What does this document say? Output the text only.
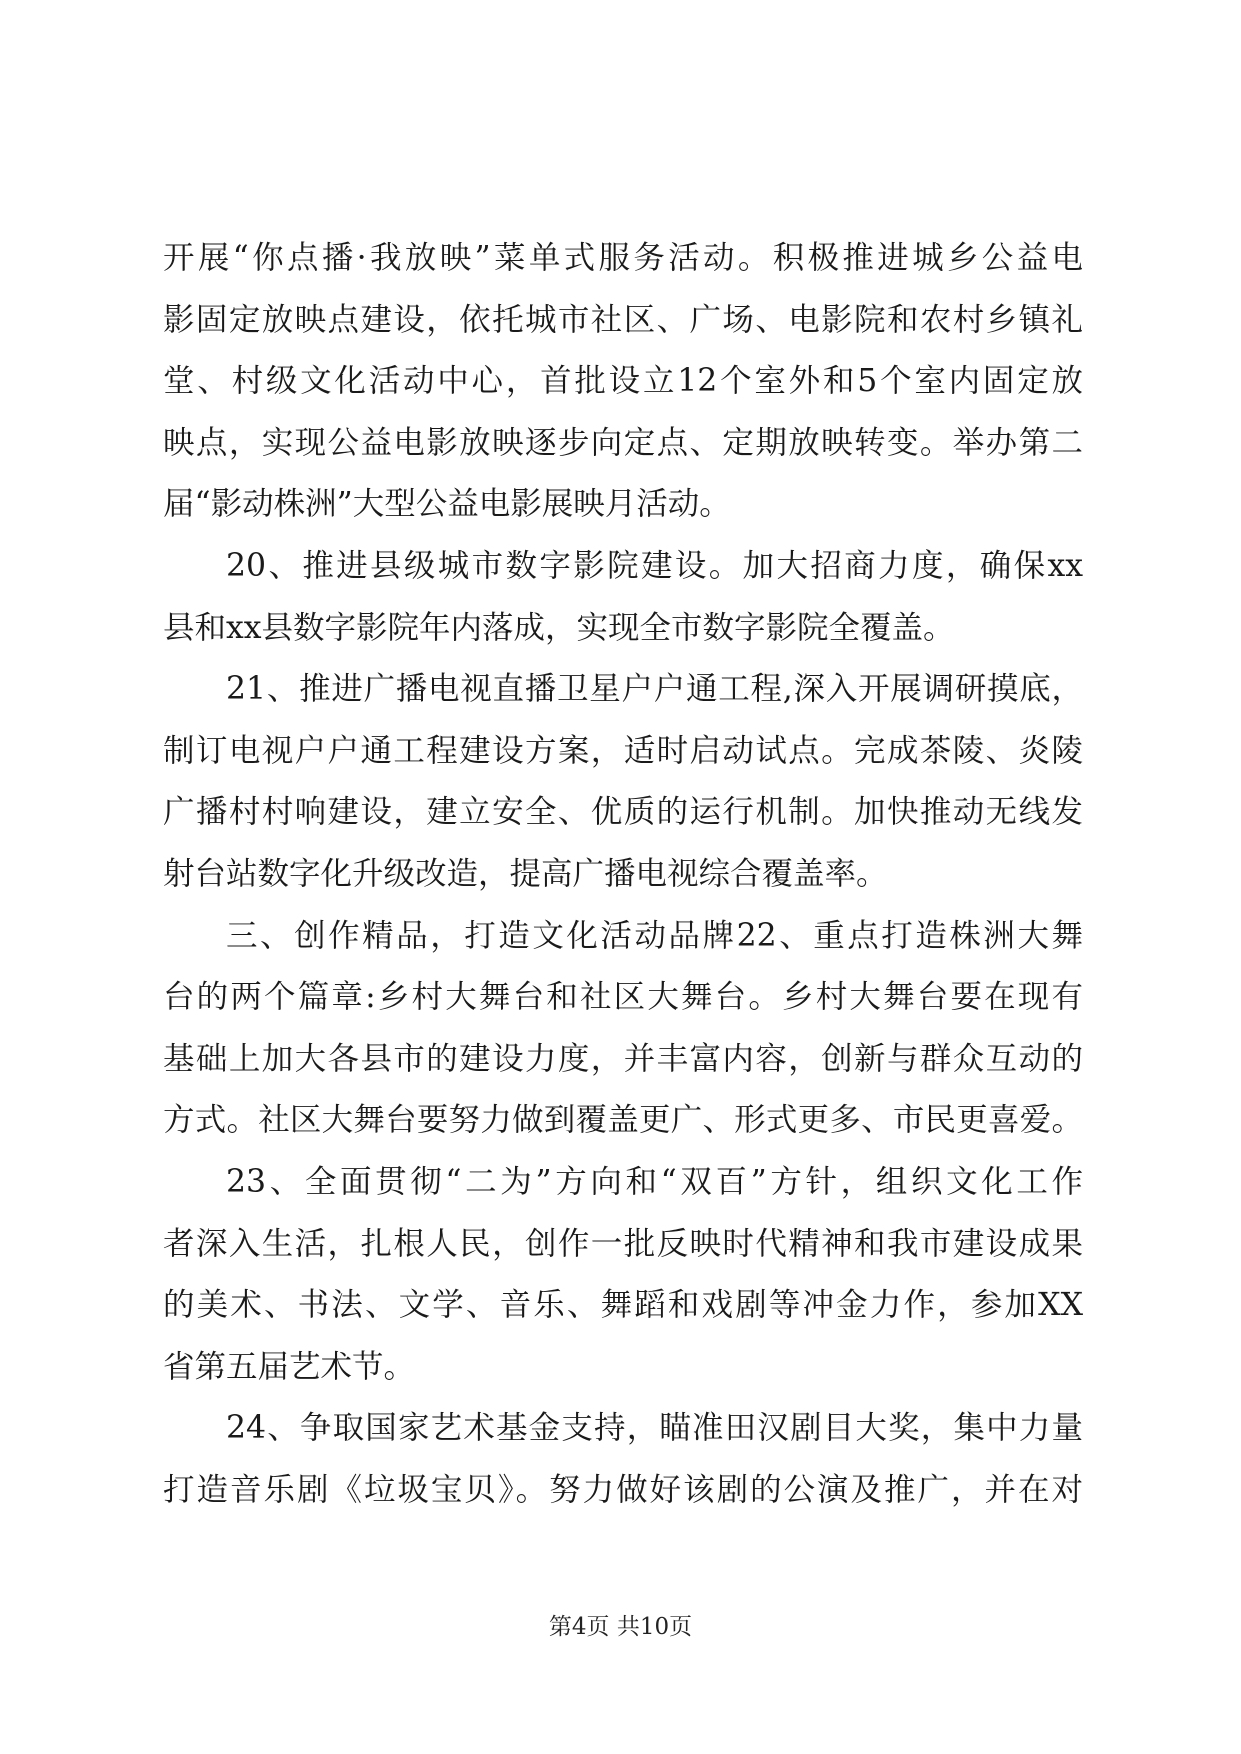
开展“你点播·我放映”菜单式服务活动。积极推进城乡公益电
影固定放映点建设，依托城市社区、广场、电影院和农村乡镇礼
堂、村级文化活动中心，首批设立12个室外和5个室内固定放
映点，实现公益电影放映逐步向定点、定期放映转变。举办第二
届“影动株洲”大型公益电影展映月活动。
20、推进县级城市数字影院建设。加大招商力度，确保xx
县和xx县数字影院年内落成，实现全市数字影院全覆盖。
21、推进广播电视直播卫星户户通工程,深入开展调研摸底，
制订电视户户通工程建设方案，适时启动试点。完成茶陵、炎陵
广播村村响建设，建立安全、优质的运行机制。加快推动无线发
射台站数字化升级改造，提高广播电视综合覆盖率。
三、创作精品，打造文化活动品牌22、重点打造株洲大舞
台的两个篇章:乡村大舞台和社区大舞台。乡村大舞台要在现有
基础上加大各县市的建设力度，并丰富内容，创新与群众互动的
方式。社区大舞台要努力做到覆盖更广、形式更多、市民更喜爱。
23、全面贯彻“二为”方向和“双百”方针，组织文化工作
者深入生活，扎根人民，创作一批反映时代精神和我市建设成果
的美术、书法、文学、音乐、舞蹈和戏剧等冲金力作，参加XX
省第五届艺术节。
24、争取国家艺术基金支持，瞄准田汉剧目大奖，集中力量
打造音乐剧《垃圾宝贝》。努力做好该剧的公演及推广，并在对
第4页 共10页
